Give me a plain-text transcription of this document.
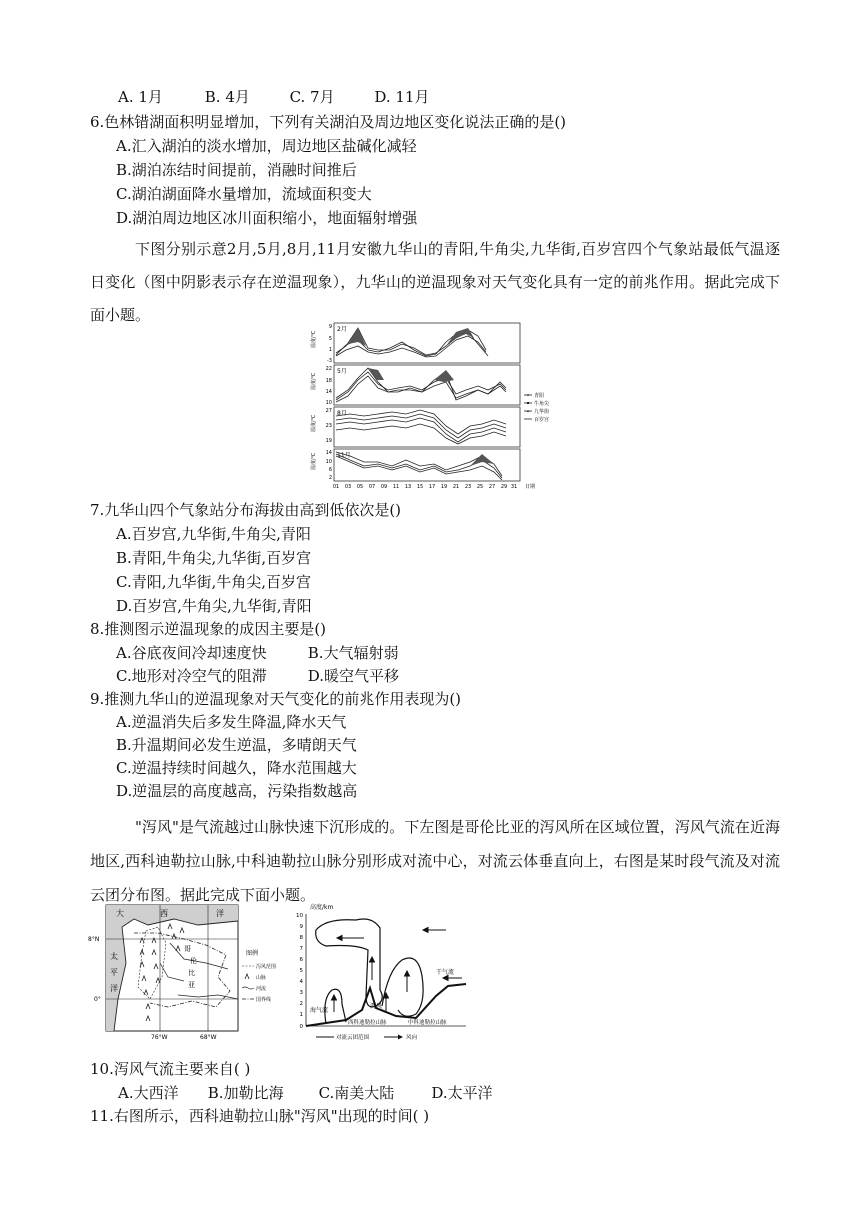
A. 1月	B. 4月	C. 7月	D. 11月
6.色林错湖面积明显增加，下列有关湖泊及周边地区变化说法正确的是()
A.汇入湖泊的淡水增加，周边地区盐碱化减轻
B.湖泊冻结时间提前，消融时间推后
C.湖泊湖面降水量增加，流域面积变大
D.湖泊周边地区冰川面积缩小，地面辐射增强
下图分别示意2月,5月,8月,11月安徽九华山的青阳,牛角尖,九华街,百岁宫四个气象站最低气温逐日变化（图中阴影表示存在逆温现象），九华山的逆温现象对天气变化具有一定的前兆作用。据此完成下面小题。
2月
5月
8月
11月
温度/℃
温度/℃
温度/℃
温度/℃
9
5
1
-3
22
18
14
10
27
23
19
14
10
6
2
01 03 05 07 09 11 13 15 17 19 21 23 25 27 29 31 日期
青阳
牛角尖
九华街
百岁宫
7.九华山四个气象站分布海拔由高到低依次是()
A.百岁宫,九华街,牛角尖,青阳
B.青阳,牛角尖,九华街,百岁宫
C.青阳,九华街,牛角尖,百岁宫
D.百岁宫,牛角尖,九华街,青阳
8.推测图示逆温现象的成因主要是()
A.谷底夜间冷却速度快	B.大气辐射弱
C.地形对冷空气的阻滞	D.暖空气平移
9.推测九华山的逆温现象对天气变化的前兆作用表现为()
A.逆温消失后多发生降温,降水天气
B.升温期间必发生逆温，多晴朗天气
C.逆温持续时间越久，降水范围越大
D.逆温层的高度越高，污染指数越高
"泻风"是气流越过山脉快速下沉形成的。下左图是哥伦比亚的泻风所在区域位置，泻风气流在近海地区,西科迪勒拉山脉,中科迪勒拉山脉分别形成对流中心，对流云体垂直向上，右图是某时段气流及对流云团分布图。据此完成下面小题。
大	西	洋
太
平
洋
哥
伦
比
亚
8°N
0°
76°W	68°W
图例
泻风范围
山脉
河流
国界线
高度/km
10
9
8
7
6
5
4
3
2
1
0
干气流
海气流
泻风
西科迪勒拉山脉	中科迪勒拉山脉
对流云团范围	风向
10.泻风气流主要来自( )
A.大西洋 B.加勒比海 C.南美大陆 D.太平洋
11.右图所示，西科迪勒拉山脉"泻风"出现的时间( )
